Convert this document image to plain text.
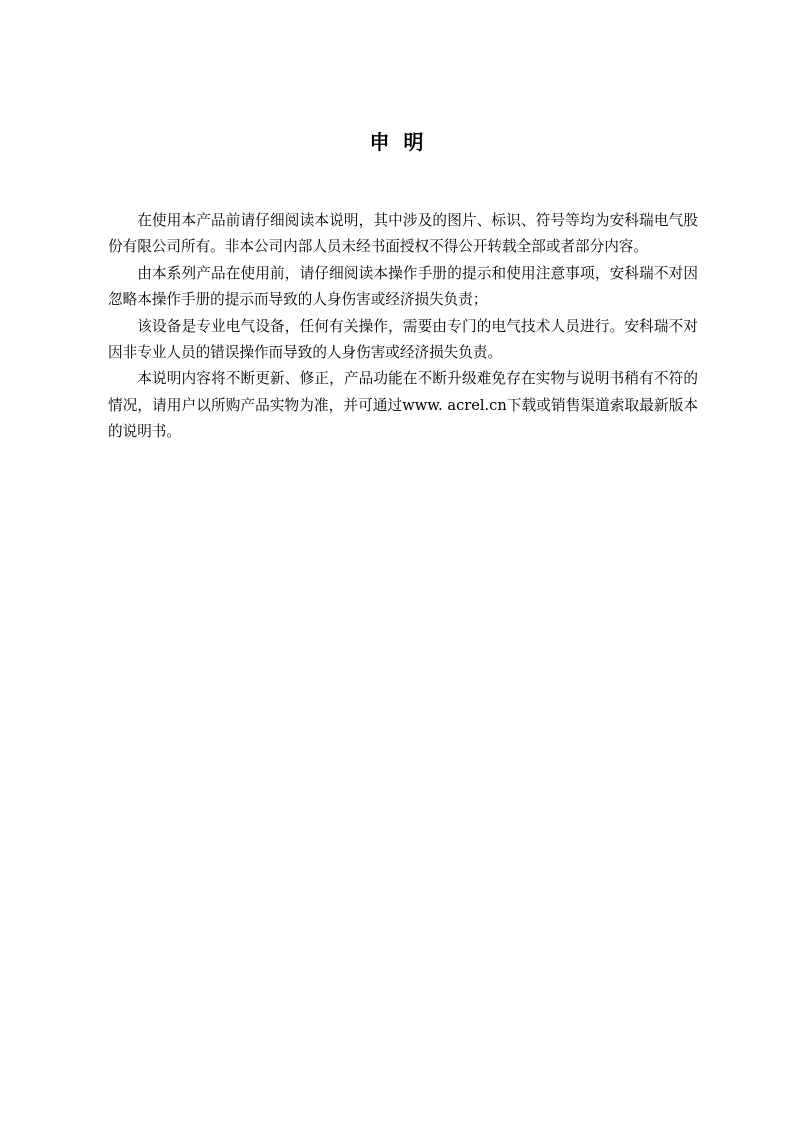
申  明

在使用本产品前请仔细阅读本说明，其中涉及的图片、标识、符号等均为安科瑞电气股份有限公司所有。非本公司内部人员未经书面授权不得公开转载全部或者部分内容。

由本系列产品在使用前，请仔细阅读本操作手册的提示和使用注意事项，安科瑞不对因忽略本操作手册的提示而导致的人身伤害或经济损失负责；

该设备是专业电气设备，任何有关操作，需要由专门的电气技术人员进行。安科瑞不对因非专业人员的错误操作而导致的人身伤害或经济损失负责。

本说明内容将不断更新、修正，产品功能在不断升级难免存在实物与说明书稍有不符的情况，请用户以所购产品实物为准，并可通过www. acrel.cn下载或销售渠道索取最新版本的说明书。
